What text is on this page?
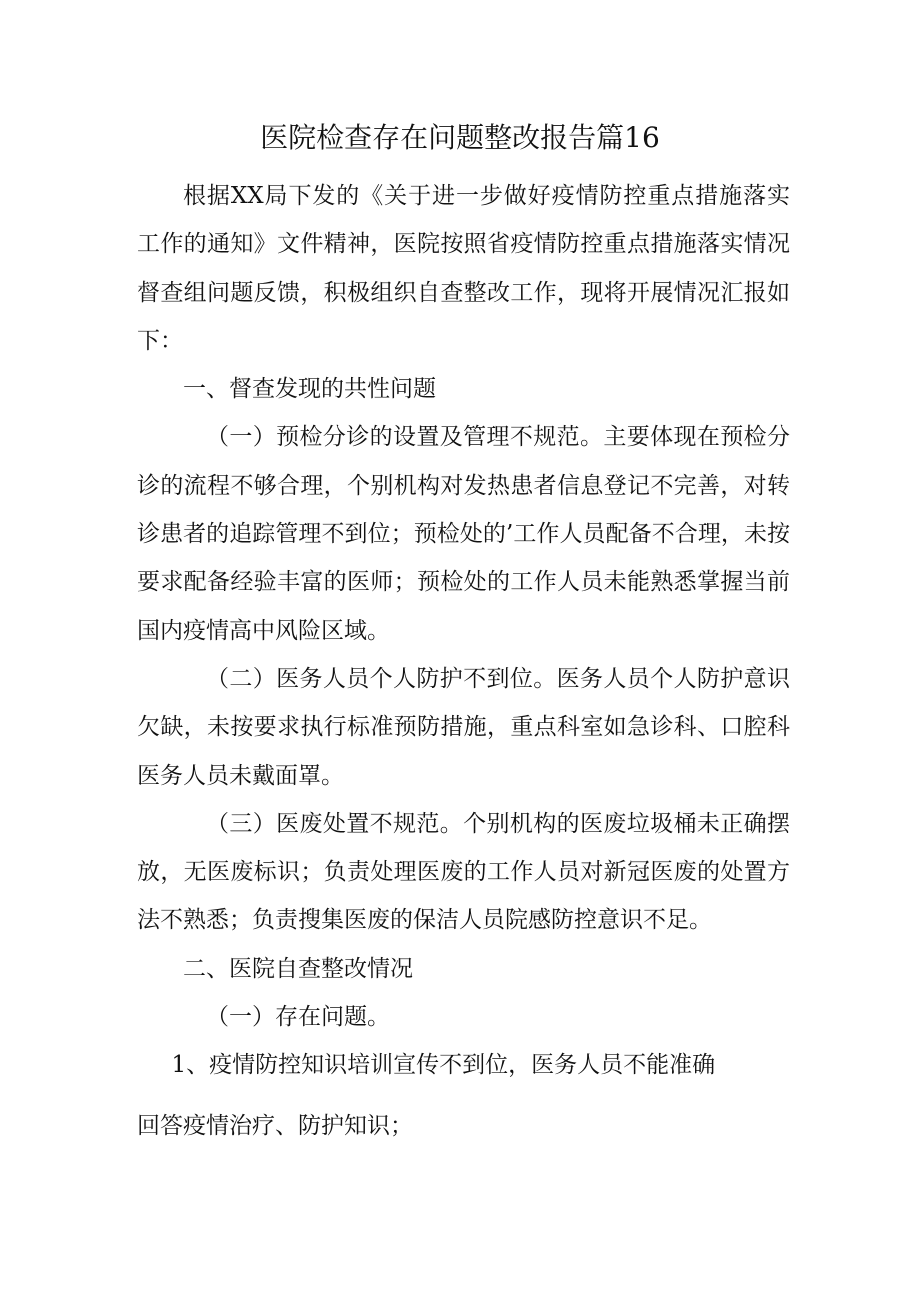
医院检查存在问题整改报告篇16

根据XX局下发的《关于进一步做好疫情防控重点措施落实工作的通知》文件精神，医院按照省疫情防控重点措施落实情况督查组问题反馈，积极组织自查整改工作，现将开展情况汇报如下：

一、督查发现的共性问题

（一）预检分诊的设置及管理不规范。主要体现在预检分诊的流程不够合理，个别机构对发热患者信息登记不完善，对转诊患者的追踪管理不到位；预检处的’工作人员配备不合理，未按要求配备经验丰富的医师；预检处的工作人员未能熟悉掌握当前国内疫情高中风险区域。

（二）医务人员个人防护不到位。医务人员个人防护意识欠缺，未按要求执行标准预防措施，重点科室如急诊科、口腔科医务人员未戴面罩。

（三）医废处置不规范。个别机构的医废垃圾桶未正确摆放，无医废标识；负责处理医废的工作人员对新冠医废的处置方法不熟悉；负责搜集医废的保洁人员院感防控意识不足。

二、医院自查整改情况

（一）存在问题。

1、疫情防控知识培训宣传不到位，医务人员不能准确

回答疫情治疗、防护知识；
